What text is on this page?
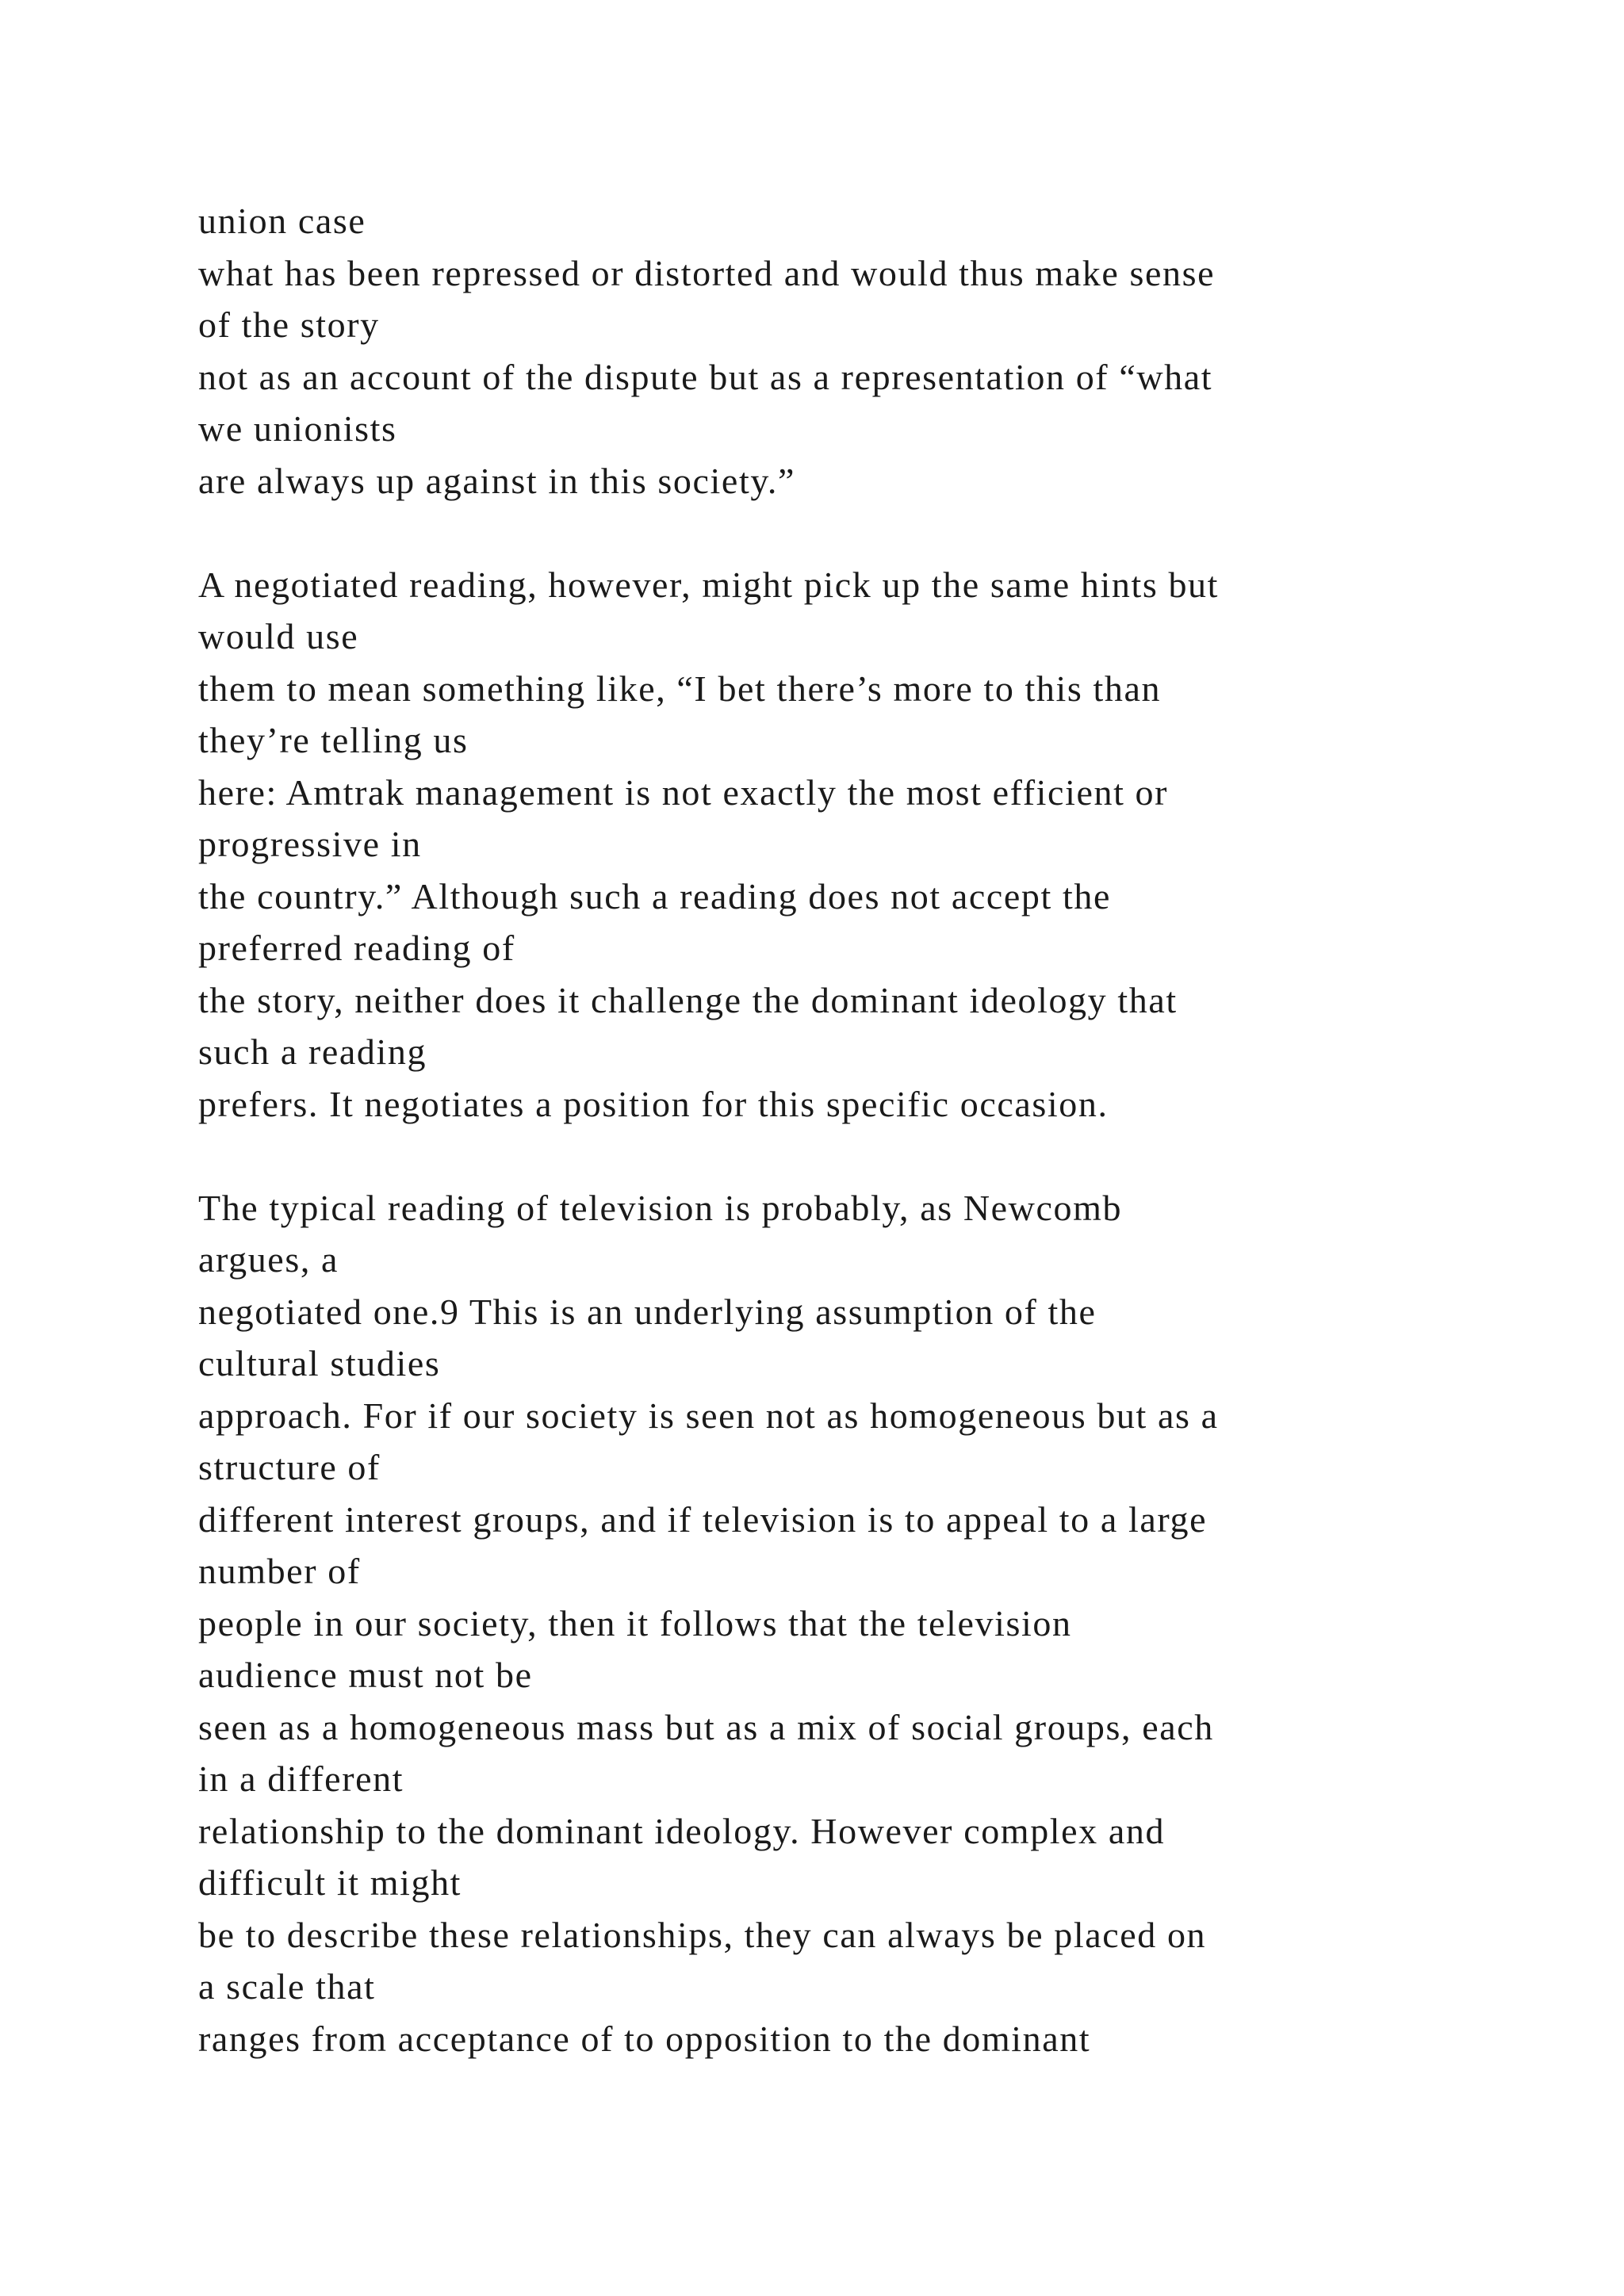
union case
what has been repressed or distorted and would thus make sense
of the story
not as an account of the dispute but as a representation of “what
we unionists
are always up against in this society.”
A negotiated reading, however, might pick up the same hints but
would use
them to mean something like, “I bet there’s more to this than
they’re telling us
here: Amtrak management is not exactly the most efficient or
progressive in
the country.” Although such a reading does not accept the
preferred reading of
the story, neither does it challenge the dominant ideology that
such a reading
prefers. It negotiates a position for this specific occasion.
The typical reading of television is probably, as Newcomb
argues, a
negotiated one.9 This is an underlying assumption of the
cultural studies
approach. For if our society is seen not as homogeneous but as a
structure of
different interest groups, and if television is to appeal to a large
number of
people in our society, then it follows that the television
audience must not be
seen as a homogeneous mass but as a mix of social groups, each
in a different
relationship to the dominant ideology. However complex and
difficult it might
be to describe these relationships, they can always be placed on
a scale that
ranges from acceptance of to opposition to the dominant
